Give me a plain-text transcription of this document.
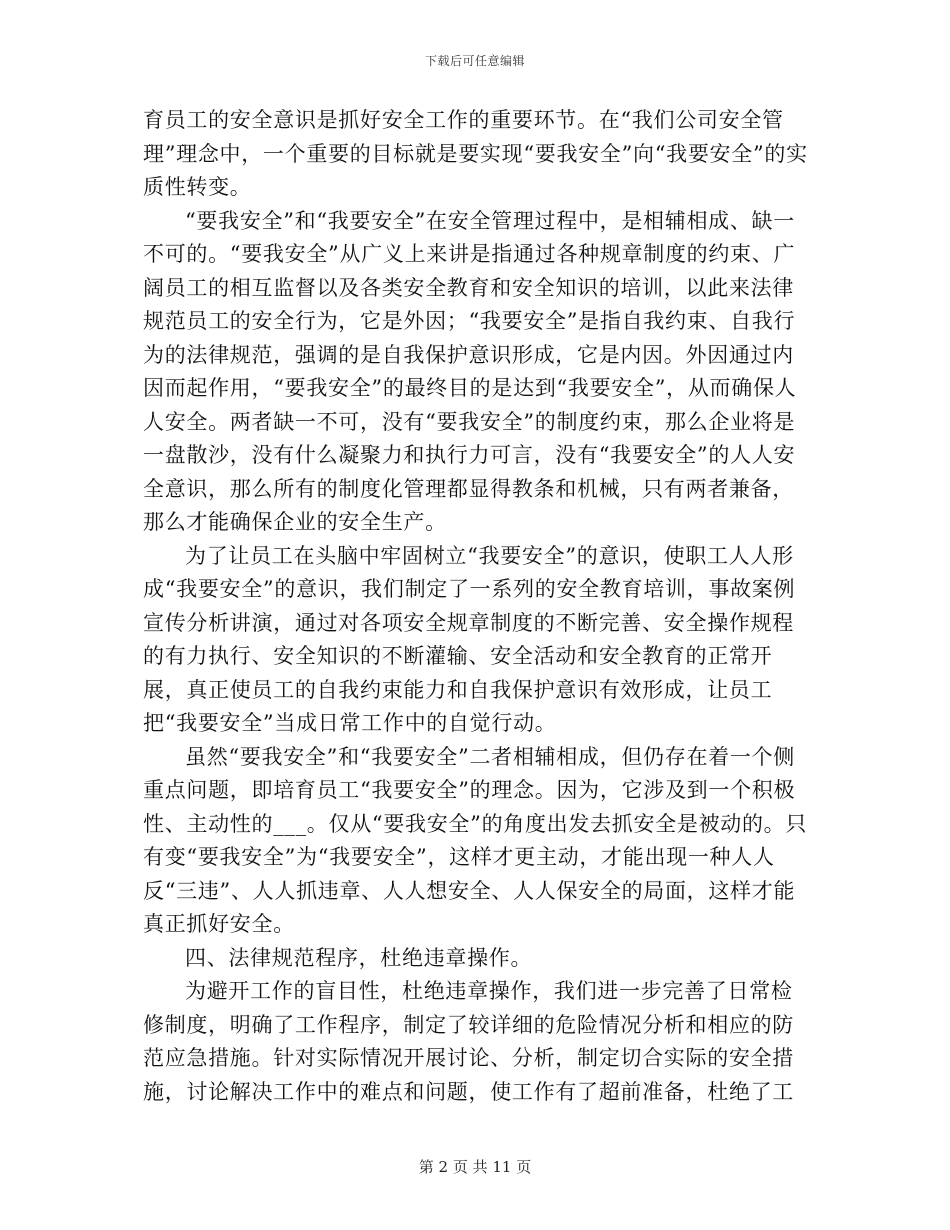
下载后可任意编辑

育员工的安全意识是抓好安全工作的重要环节。在“我们公司安全管理”理念中，一个重要的目标就是要实现“要我安全”向“我要安全”的实质性转变。

“要我安全”和“我要安全”在安全管理过程中，是相辅相成、缺一不可的。“要我安全”从广义上来讲是指通过各种规章制度的约束、广阔员工的相互监督以及各类安全教育和安全知识的培训，以此来法律规范员工的安全行为，它是外因；“我要安全”是指自我约束、自我行为的法律规范，强调的是自我保护意识形成，它是内因。外因通过内因而起作用，“要我安全”的最终目的是达到“我要安全”，从而确保人人安全。两者缺一不可，没有“要我安全”的制度约束，那么企业将是一盘散沙，没有什么凝聚力和执行力可言，没有“我要安全”的人人安全意识，那么所有的制度化管理都显得教条和机械，只有两者兼备，那么才能确保企业的安全生产。

为了让员工在头脑中牢固树立“我要安全”的意识，使职工人人形成“我要安全”的意识，我们制定了一系列的安全教育培训，事故案例宣传分析讲演，通过对各项安全规章制度的不断完善、安全操作规程的有力执行、安全知识的不断灌输、安全活动和安全教育的正常开展，真正使员工的自我约束能力和自我保护意识有效形成，让员工把“我要安全”当成日常工作中的自觉行动。

虽然“要我安全”和“我要安全”二者相辅相成，但仍存在着一个侧重点问题，即培育员工“我要安全”的理念。因为，它涉及到一个积极性、主动性的___。仅从“要我安全”的角度出发去抓安全是被动的。只有变“要我安全”为“我要安全”，这样才更主动，才能出现一种人人反“三违”、人人抓违章、人人想安全、人人保安全的局面，这样才能真正抓好安全。

四、法律规范程序，杜绝违章操作。

为避开工作的盲目性，杜绝违章操作，我们进一步完善了日常检修制度，明确了工作程序，制定了较详细的危险情况分析和相应的防范应急措施。针对实际情况开展讨论、分析，制定切合实际的安全措施，讨论解决工作中的难点和问题，使工作有了超前准备，杜绝了工

第 2 页 共 11 页
